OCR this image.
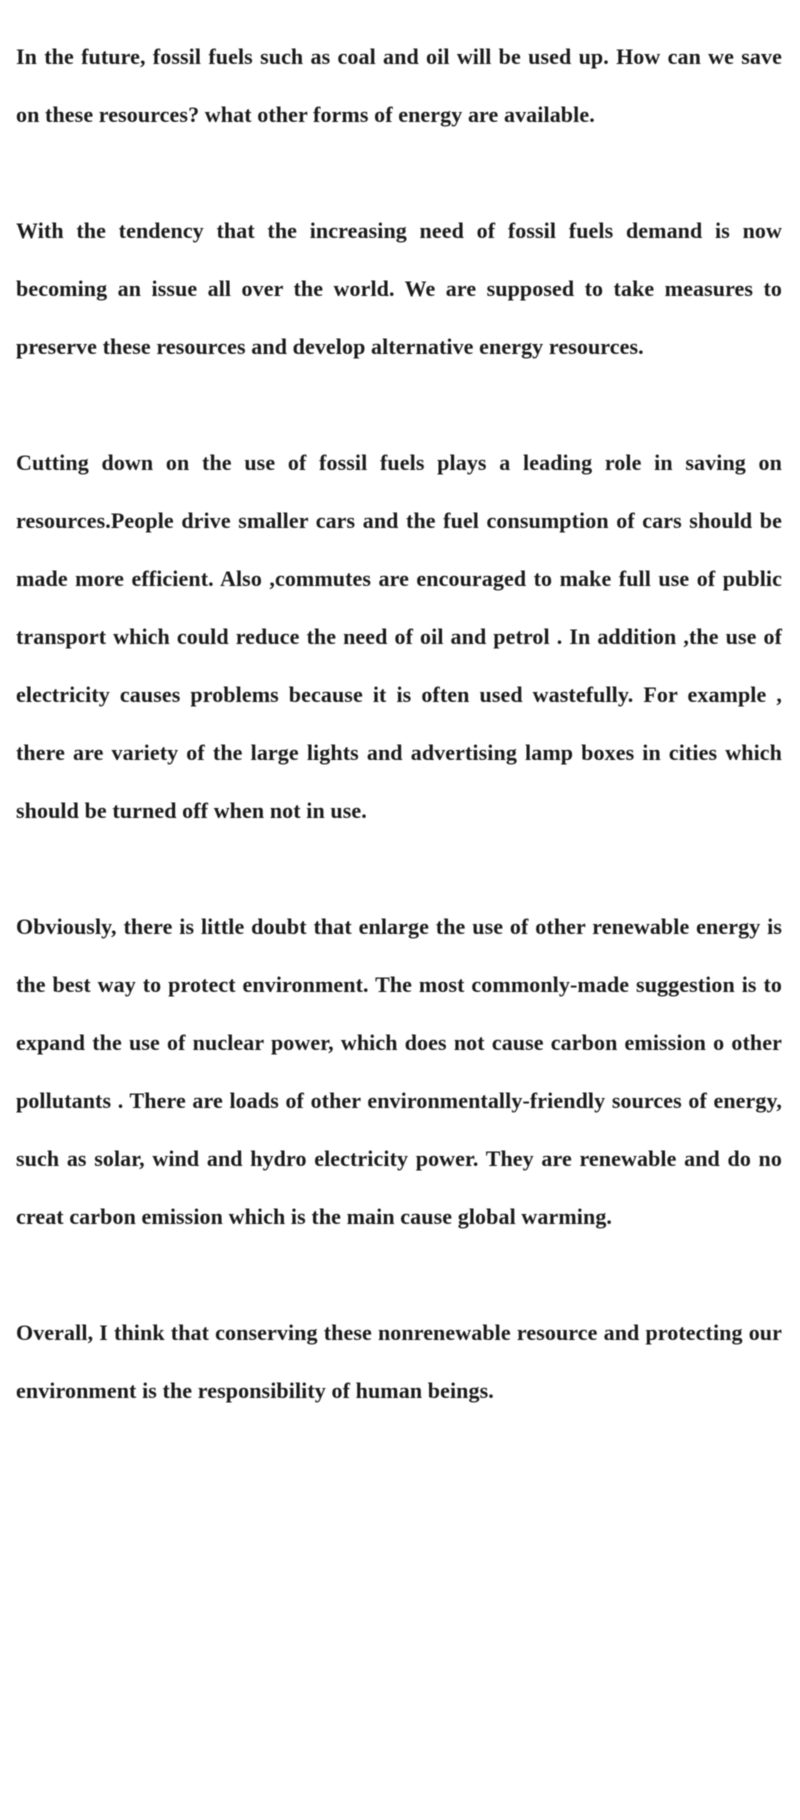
In the future, fossil fuels such as coal and oil will be used up. How can we save on these resources? what other forms of energy are available.

With the tendency that the increasing need of fossil fuels demand is now becoming an issue all over the world. We are supposed to take measures to preserve these resources and develop alternative energy resources.

Cutting down on the use of fossil fuels plays a leading role in saving on resources.People drive smaller cars and the fuel consumption of cars should be made more efficient. Also ,commutes are encouraged to make full use of public transport which could reduce the need of oil and petrol . In addition ,the use of electricity causes problems because it is often used wastefully. For example , there are variety of the large lights and advertising lamp boxes in cities which should be turned off when not in use.

Obviously, there is little doubt that enlarge the use of other renewable energy is the best way to protect environment. The most commonly-made suggestion is to expand the use of nuclear power, which does not cause carbon emission o other pollutants . There are loads of other environmentally-friendly sources of energy, such as solar, wind and hydro electricity power. They are renewable and do no creat carbon emission which is the main cause global warming.

Overall, I think that conserving these nonrenewable resource and protecting our environment is the responsibility of human beings.
